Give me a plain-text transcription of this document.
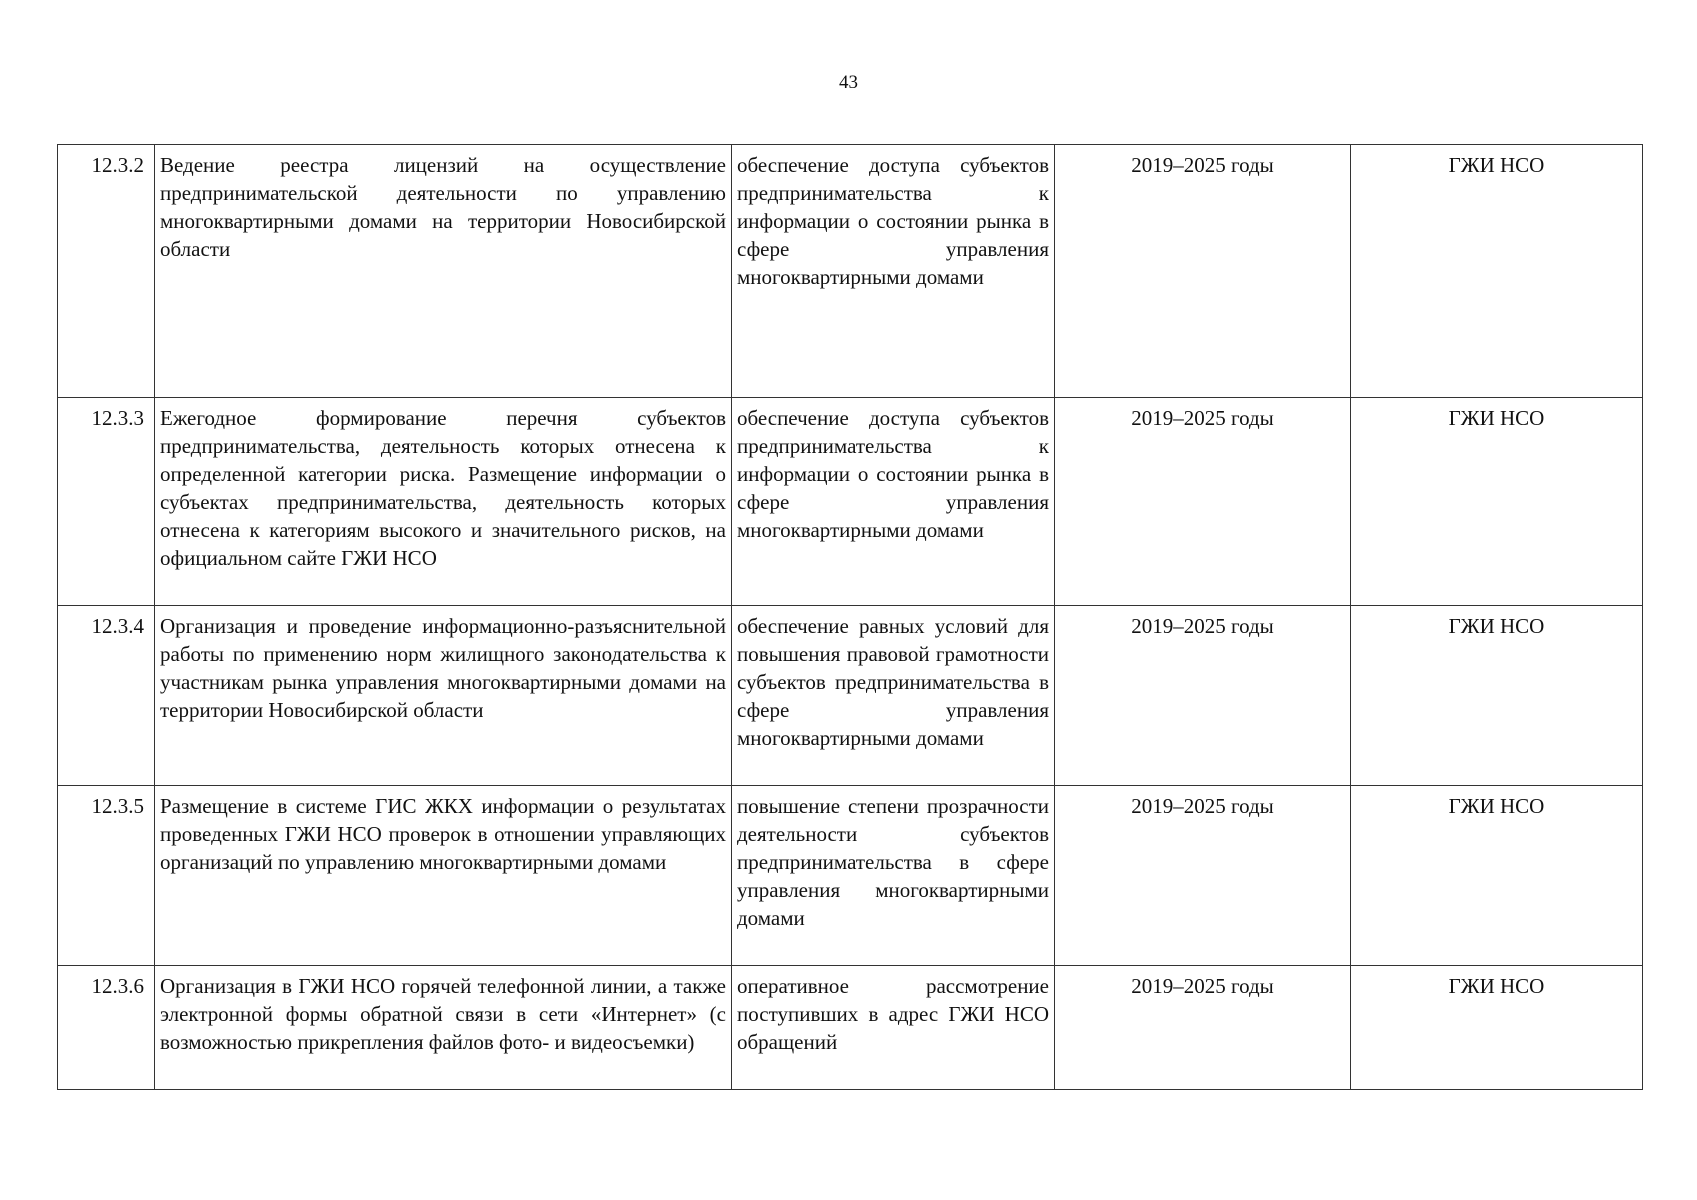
43
12.3.2	Ведение реестра лицензий на осуществление предпринимательской деятельности по управлению многоквартирными домами на территории Новосибирской области	обеспечение доступа субъектов предпринимательства к информации о состоянии рынка в сфере управления многоквартирными домами	2019–2025 годы	ГЖИ НСО
12.3.3	Ежегодное формирование перечня субъектов предпринимательства, деятельность которых отнесена к определенной категории риска. Размещение информации о субъектах предпринимательства, деятельность которых отнесена к категориям высокого и значительного рисков, на официальном сайте ГЖИ НСО	обеспечение доступа субъектов предпринимательства к информации о состоянии рынка в сфере управления многоквартирными домами	2019–2025 годы	ГЖИ НСО
12.3.4	Организация и проведение информационно-разъяснительной работы по применению норм жилищного законодательства к участникам рынка управления многоквартирными домами на территории Новосибирской области	обеспечение равных условий для повышения правовой грамотности субъектов предпринимательства в сфере управления многоквартирными домами	2019–2025 годы	ГЖИ НСО
12.3.5	Размещение в системе ГИС ЖКХ информации о результатах проведенных ГЖИ НСО проверок в отношении управляющих организаций по управлению многоквартирными домами	повышение степени прозрачности деятельности субъектов предпринимательства в сфере управления многоквартирными домами	2019–2025 годы	ГЖИ НСО
12.3.6	Организация в ГЖИ НСО горячей телефонной линии, а также электронной формы обратной связи в сети «Интернет» (с возможностью прикрепления файлов фото- и видеосъемки)	оперативное рассмотрение поступивших в адрес ГЖИ НСО обращений	2019–2025 годы	ГЖИ НСО
